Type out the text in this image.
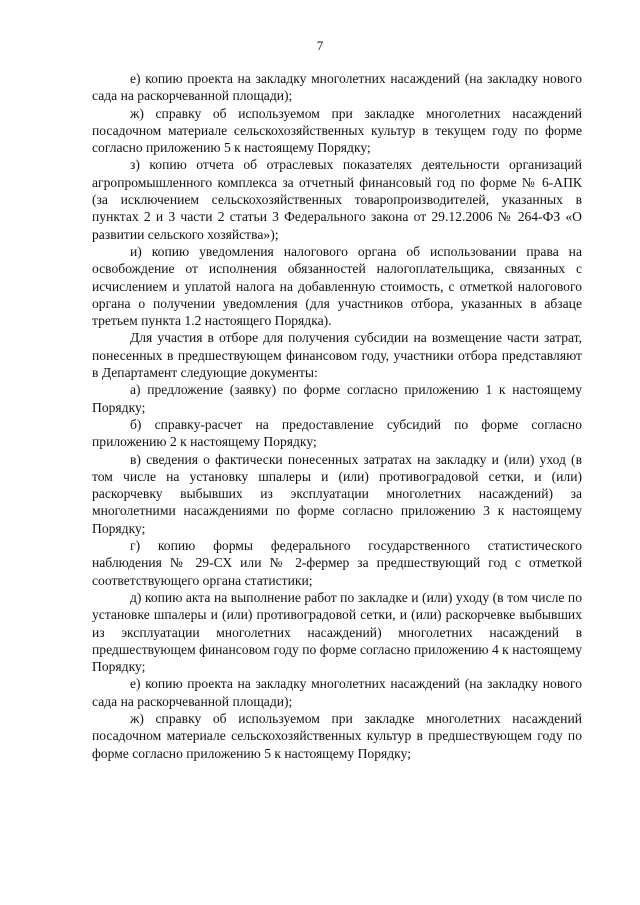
7

е) копию проекта на закладку многолетних насаждений (на закладку нового сада на раскорчеванной площади);

ж) справку об используемом при закладке многолетних насаждений посадочном материале сельскохозяйственных культур в текущем году по форме согласно приложению 5 к настоящему Порядку;

з) копию отчета об отраслевых показателях деятельности организаций агропромышленного комплекса за отчетный финансовый год по форме № 6-АПК (за исключением сельскохозяйственных товаропроизводителей, указанных в пунктах 2 и 3 части 2 статьи 3 Федерального закона от 29.12.2006 № 264-ФЗ «О развитии сельского хозяйства»);

и) копию уведомления налогового органа об использовании права на освобождение от исполнения обязанностей налогоплательщика, связанных с исчислением и уплатой налога на добавленную стоимость, с отметкой налогового органа о получении уведомления (для участников отбора, указанных в абзаце третьем пункта 1.2 настоящего Порядка).

Для участия в отборе для получения субсидии на возмещение части затрат, понесенных в предшествующем финансовом году, участники отбора представляют в Департамент следующие документы:

а) предложение (заявку) по форме согласно приложению 1 к настоящему Порядку;

б) справку-расчет на предоставление субсидий по форме согласно приложению 2 к настоящему Порядку;

в) сведения о фактически понесенных затратах на закладку и (или) уход (в том числе на установку шпалеры и (или) противоградовой сетки, и (или) раскорчевку выбывших из эксплуатации многолетних насаждений) за многолетними насаждениями по форме согласно приложению 3 к настоящему Порядку;

г) копию формы федерального государственного статистического наблюдения № 29-СХ или № 2-фермер за предшествующий год с отметкой соответствующего органа статистики;

д) копию акта на выполнение работ по закладке и (или) уходу (в том числе по установке шпалеры и (или) противоградовой сетки, и (или) раскорчевке выбывших из эксплуатации многолетних насаждений) многолетних насаждений в предшествующем финансовом году по форме согласно приложению 4 к настоящему Порядку;

е) копию проекта на закладку многолетних насаждений (на закладку нового сада на раскорчеванной площади);

ж) справку об используемом при закладке многолетних насаждений посадочном материале сельскохозяйственных культур в предшествующем году по форме согласно приложению 5 к настоящему Порядку;
